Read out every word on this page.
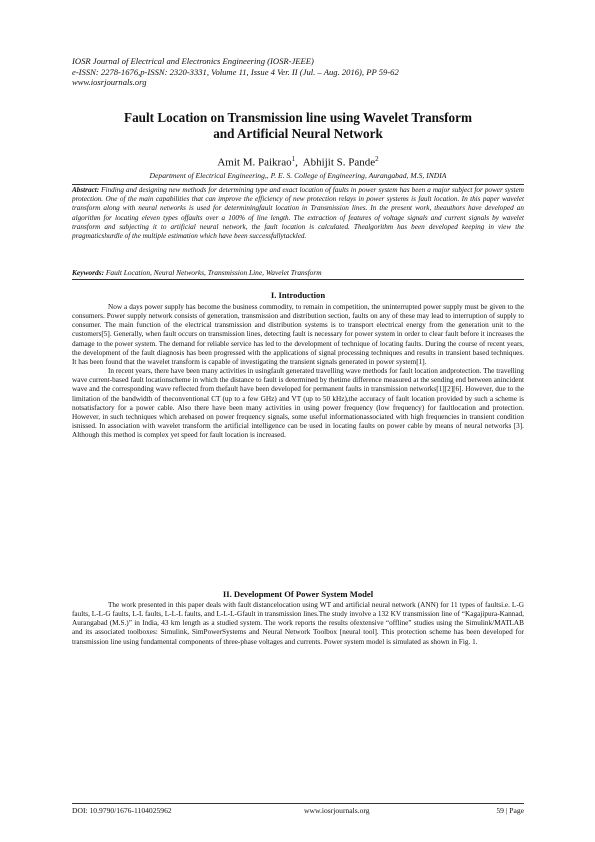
IOSR Journal of Electrical and Electronics Engineering (IOSR-JEEE)
e-ISSN: 2278-1676,p-ISSN: 2320-3331, Volume 11, Issue 4 Ver. II (Jul. – Aug. 2016), PP 59-62
www.iosrjournals.org
Fault Location on Transmission line using Wavelet Transform
and Artificial Neural Network
Amit M. Paikrao$^1$,  Abhijit S. Pande$^2$
Department of Electrical Engineering,, P. E. S. College of Engineering, Aurangabad, M.S, INDIA
Abstract: Finding and designing new methods for determining type and exact location of faults in power system has been a major subject for power system protection. One of the main capabilities that can improve the efficiency of new protection relays in power systems is fault location. In this paper wavelet transform along with neural networks is used for determiningfault location in Transmission lines. In the present work, theauthors have developed an algorithm for locating eleven types offaults over a 100% of line length. The extraction of features of voltage signals and current signals by wavelet transform and subjecting it to artificial neural network, the fault location is calculated. Thealgorithm has been developed keeping in view the pragmaticshurdle of the multiple estimation which have been successfullytackled.
Keywords: Fault Location, Neural Networks, Transmission Line, Wavelet Transform
I. Introduction

Now a days power supply has become the business commodity, to remain in competition, the uninterrupted power supply must be given to the consumers. Power supply network consists of generation, transmission and distribution section, faults on any of these may lead to interruption of supply to consumer. The main function of the electrical transmission and distribution systems is to transport electrical energy from the generation unit to the customers[5]. Generally, when fault occurs on transmission lines, detecting fault is necessary for power system in order to clear fault before it increases the damage to the power system. The demand for reliable service has led to the development of technique of locating faults. During the course of recent years, the development of the fault diagnosis has been progressed with the applications of signal processing techniques and results in transient based techniques. It has been found that the wavelet transform is capable of investigating the transient signals generated in power system[1].

In recent years, there have been many activities in usingfault generated travelling wave methods for fault location andprotection. The travelling wave current-based fault locationscheme in which the distance to fault is determined by thetime difference measured at the sending end between anincident wave and the corresponding wave reflected from thefault have been developed for permanent faults in transmission networks[1][2][6]. However, due to the limitation of the bandwidth of theconventional CT (up to a few GHz) and VT (up to 50 kHz),the accuracy of fault location provided by such a scheme is notsatisfactory for a power cable. Also there have been many activities in using power frequency (low frequency) for faultlocation and protection. However, in such techniques which arebased on power frequency signals, some useful informationassociated with high frequencies in transient condition isnissed. In association with wavelet transform the artificial intelligence can be used in locating faults on power cable by means of neural networks [3]. Although this method is complex yet speed for fault location is increased.

II. Development Of Power System Model

The work presented in this paper deals with fault distancelocation using WT and artificial neural network (ANN) for 11 types of faultsi.e. L-G faults, L-L-G faults, L-L faults, L-L-L faults, and L-L-L-Gfault in transmission lines.The study involve a 132 KV transmission line of “Kagajipura-Kannad, Aurangabad (M.S.)” in India, 43 km length as a studied system. The work reports the results ofextensive “offline” studies using the Simulink/MATLAB and its associated toolboxes: Simulink, SimPowerSystems and Neural Network Toolbox [neural tool]. This protection scheme has been developed for transmission line using fundamental components of three-phase voltages and currents. Power system model is simulated as shown in Fig. 1.

DOI: 10.9790/1676-1104025962	www.iosrjournals.org	59 | Page
